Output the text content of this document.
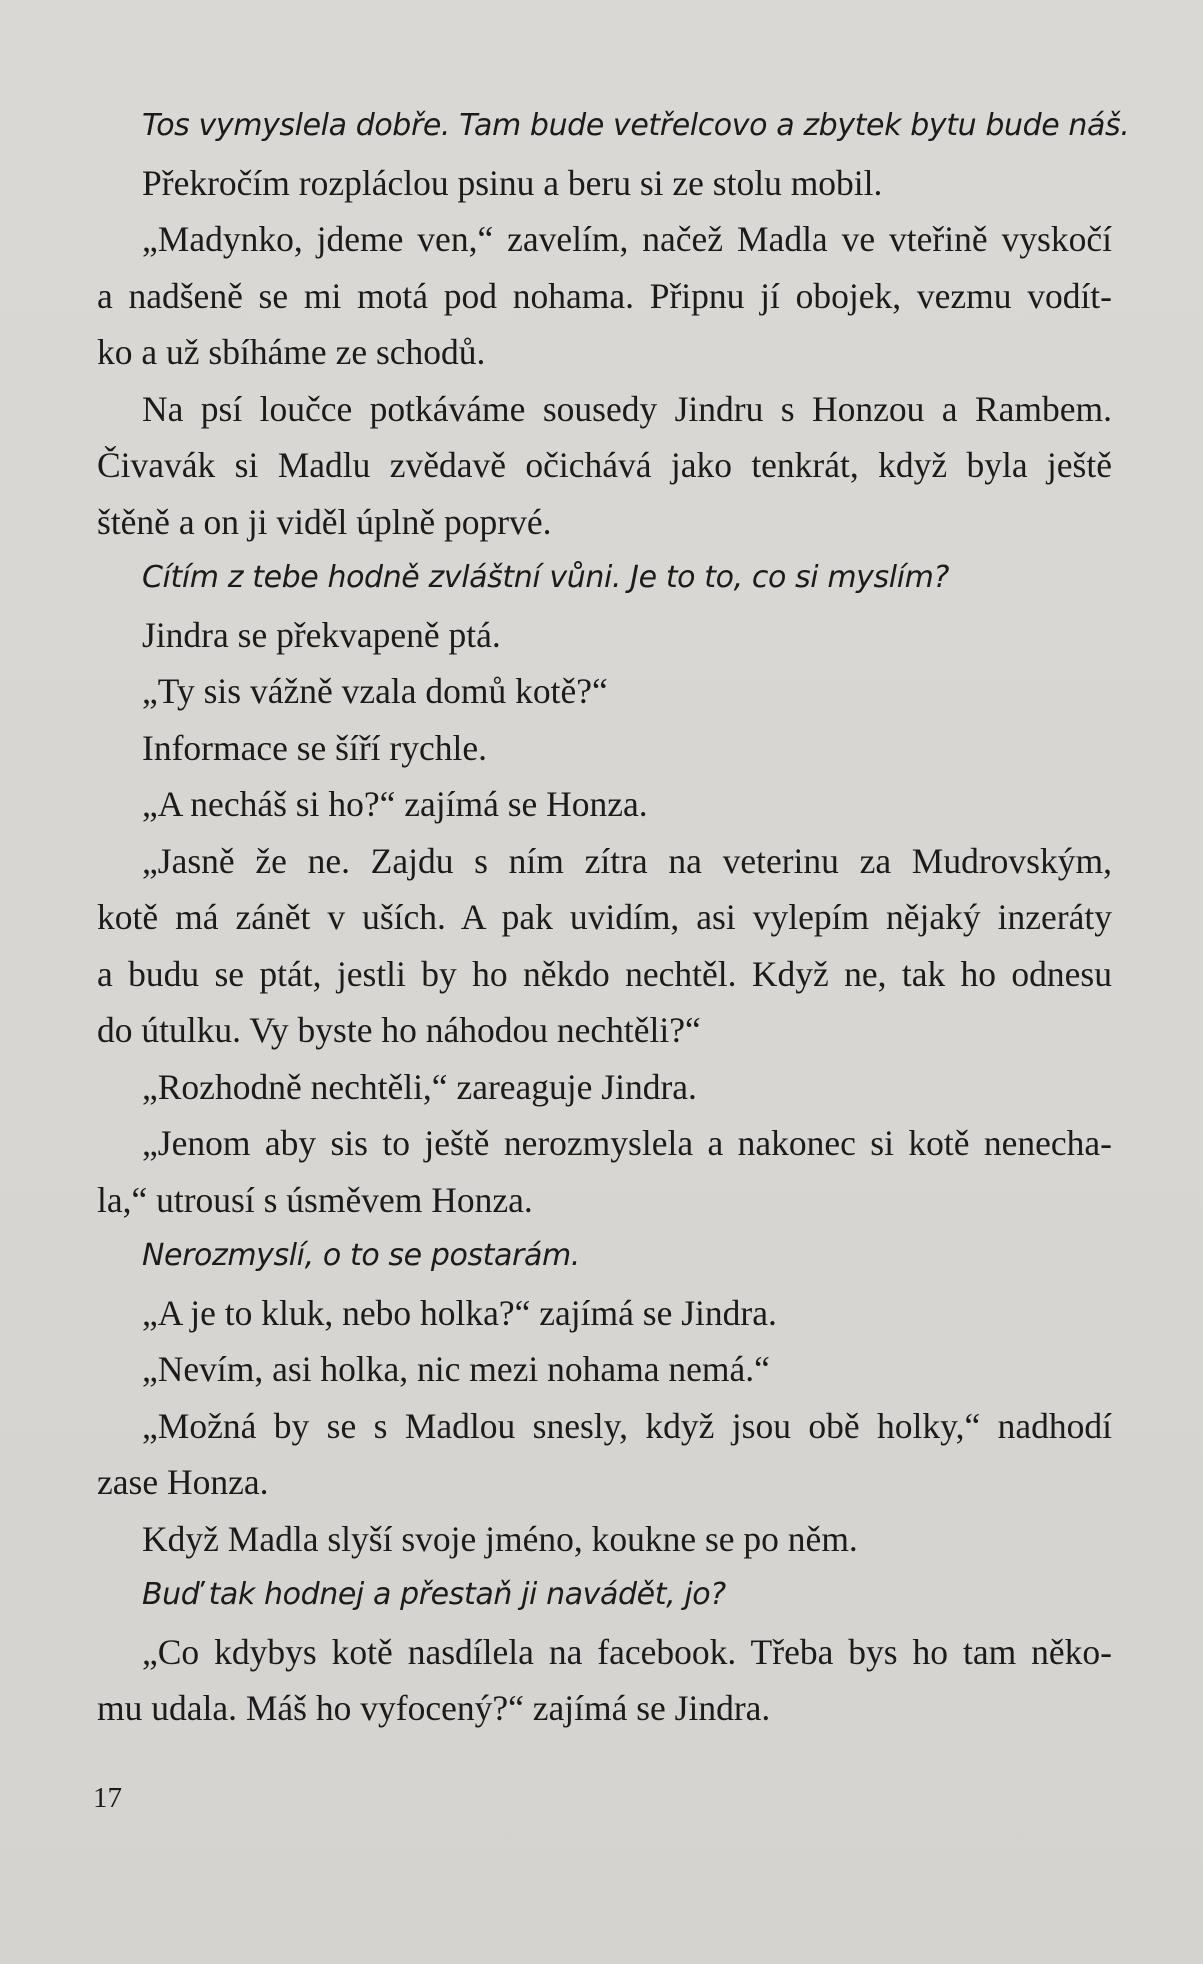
Tos vymyslela dobře. Tam bude vetřelcovo a zbytek bytu bude náš.
Překročím rozpláclou psinu a beru si ze stolu mobil.
„Madynko, jdeme ven,“ zavelím, načež Madla ve vteřině vyskočí
a nadšeně se mi motá pod nohama. Připnu jí obojek, vezmu vodít-
ko a už sbíháme ze schodů.
Na psí loučce potkáváme sousedy Jindru s Honzou a Rambem.
Čivavák si Madlu zvědavě očichává jako tenkrát, když byla ještě
štěně a on ji viděl úplně poprvé.
Cítím z tebe hodně zvláštní vůni. Je to to, co si myslím?
Jindra se překvapeně ptá.
„Ty sis vážně vzala domů kotě?“
Informace se šíří rychle.
„A necháš si ho?“ zajímá se Honza.
„Jasně že ne. Zajdu s ním zítra na veterinu za Mudrovským,
kotě má zánět v uších. A pak uvidím, asi vylepím nějaký inzeráty
a budu se ptát, jestli by ho někdo nechtěl. Když ne, tak ho odnesu
do útulku. Vy byste ho náhodou nechtěli?“
„Rozhodně nechtěli,“ zareaguje Jindra.
„Jenom aby sis to ještě nerozmyslela a nakonec si kotě nenecha-
la,“ utrousí s úsměvem Honza.
Nerozmyslí, o to se postarám.
„A je to kluk, nebo holka?“ zajímá se Jindra.
„Nevím, asi holka, nic mezi nohama nemá.“
„Možná by se s Madlou snesly, když jsou obě holky,“ nadhodí
zase Honza.
Když Madla slyší svoje jméno, koukne se po něm.
Buď tak hodnej a přestaň ji navádět, jo?
„Co kdybys kotě nasdílela na facebook. Třeba bys ho tam něko-
mu udala. Máš ho vyfocený?“ zajímá se Jindra.
17
